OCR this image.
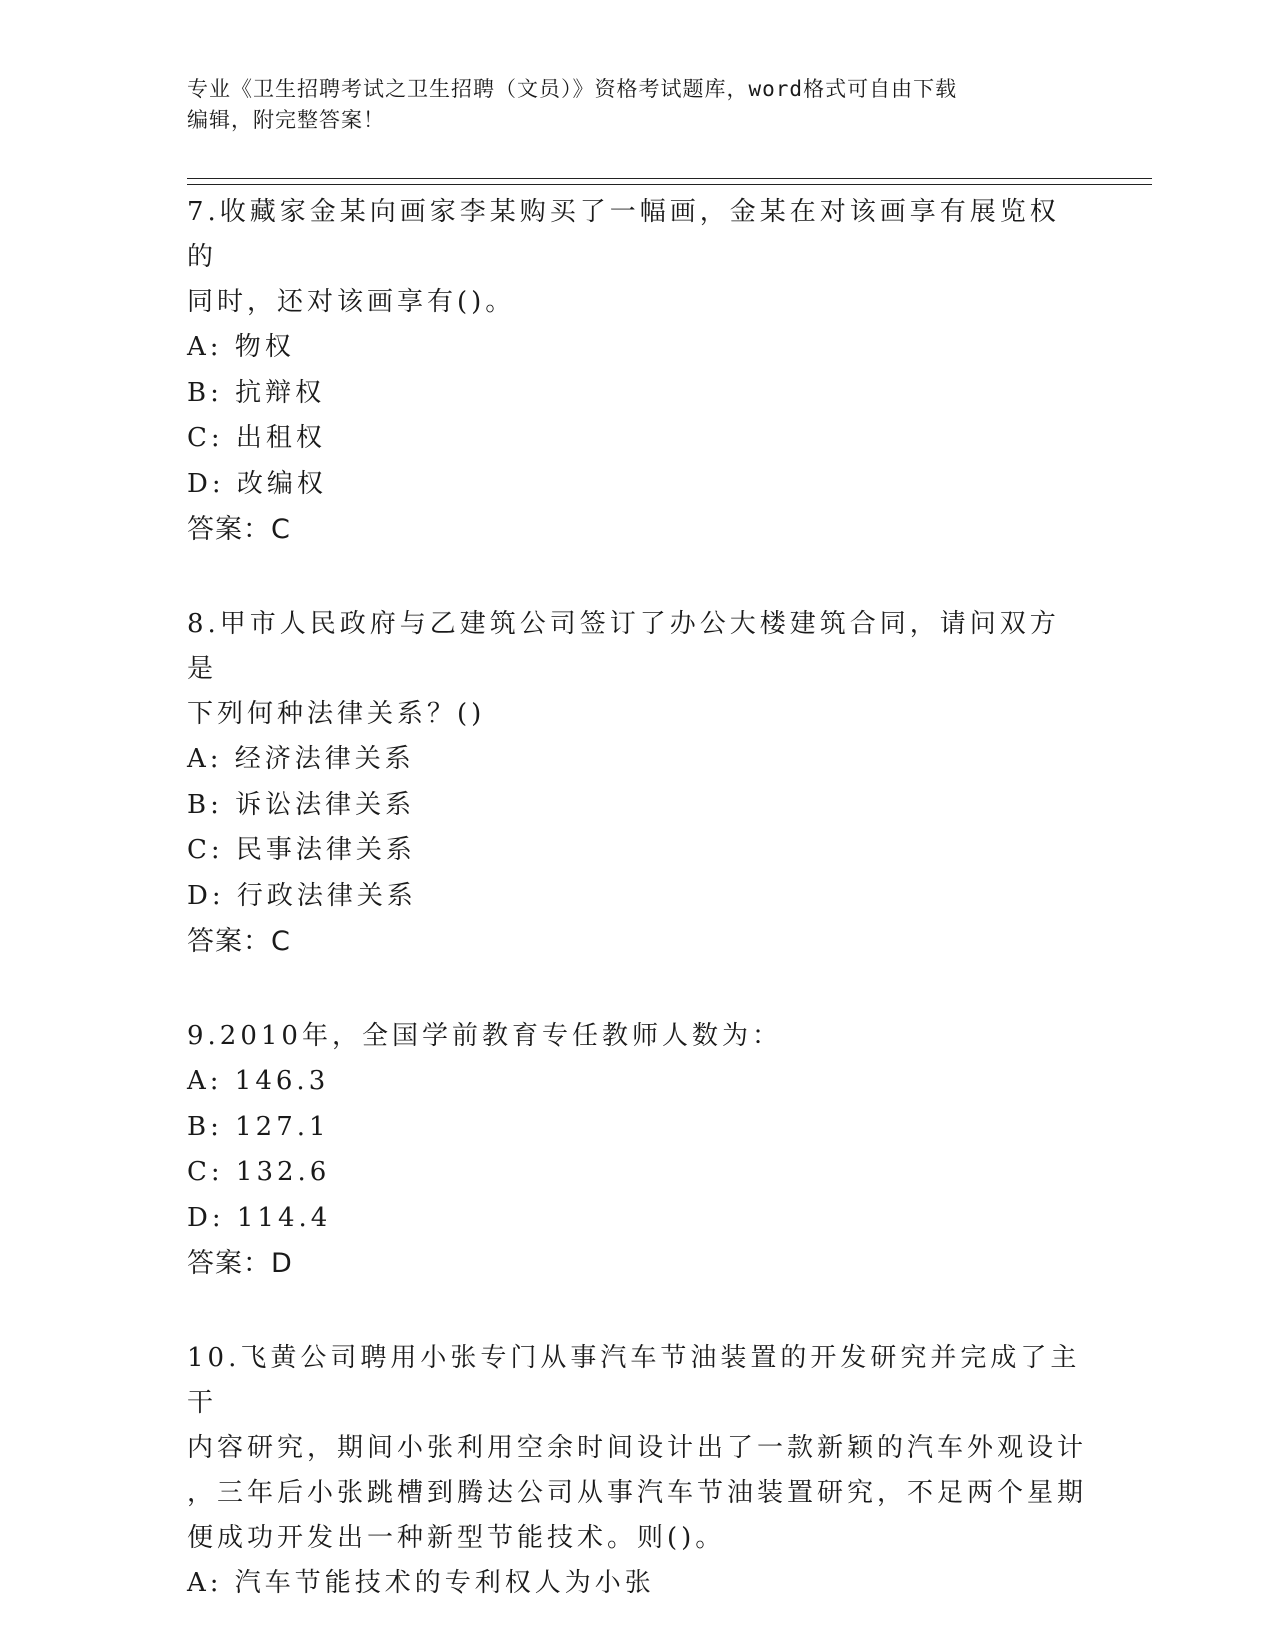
专业《卫生招聘考试之卫生招聘（文员）》资格考试题库，word格式可自由下载
编辑，附完整答案！

7.收藏家金某向画家李某购买了一幅画，金某在对该画享有展览权的

同时，还对该画享有()。

A: 物权

B: 抗辩权

C: 出租权

D: 改编权

答案：C

8.甲市人民政府与乙建筑公司签订了办公大楼建筑合同，请问双方是

下列何种法律关系？()

A: 经济法律关系

B: 诉讼法律关系

C: 民事法律关系

D: 行政法律关系

答案：C

9.2010年，全国学前教育专任教师人数为：

A: 146.3

B: 127.1

C: 132.6

D: 114.4

答案：D

10.飞黄公司聘用小张专门从事汽车节油装置的开发研究并完成了主干

内容研究，期间小张利用空余时间设计出了一款新颖的汽车外观设计

，三年后小张跳槽到腾达公司从事汽车节油装置研究，不足两个星期

便成功开发出一种新型节能技术。则()。

A: 汽车节能技术的专利权人为小张
